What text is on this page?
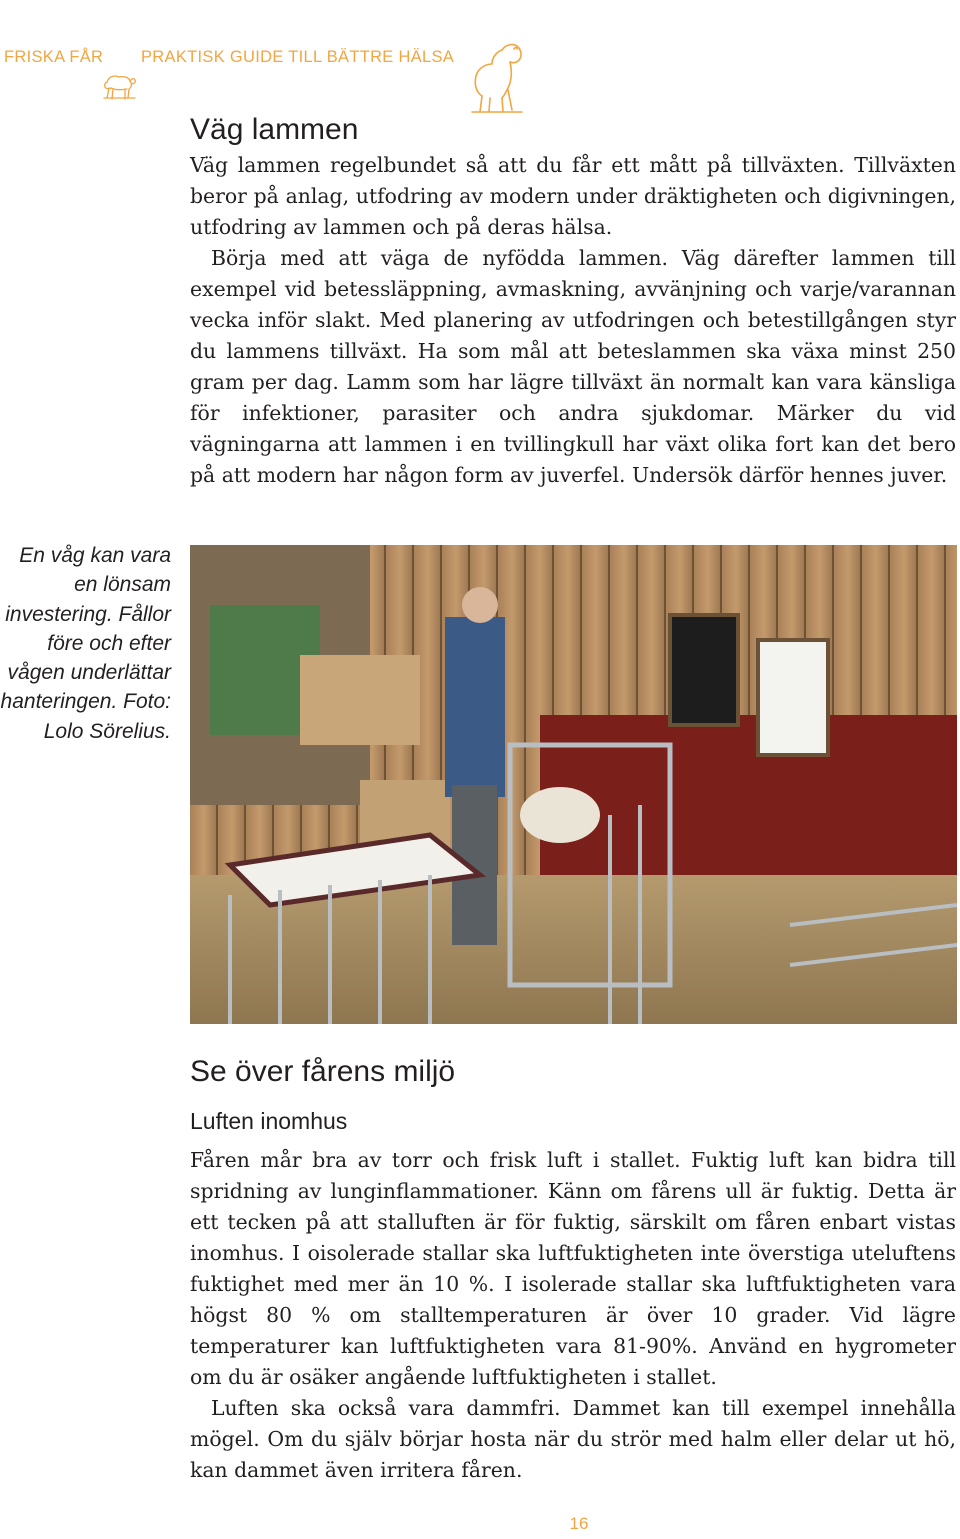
FRISKA FÅR PRAKTISK GUIDE TILL BÄTTRE HÄLSA
Väg lammen

Väg lammen regelbundet så att du får ett mått på tillväxten. Tillväxten beror på anlag, utfodring av modern under dräktigheten och digivningen, utfodring av lammen och på deras hälsa.

Börja med att väga de nyfödda lammen. Väg därefter lammen till exempel vid betessläppning, avmaskning, avvänjning och varje/varannan vecka inför slakt. Med planering av utfodringen och betestillgången styr du lammens tillväxt. Ha som mål att beteslammen ska växa minst 250 gram per dag. Lamm som har lägre tillväxt än normalt kan vara känsliga för infektioner, parasiter och andra sjukdomar. Märker du vid vägningarna att lammen i en tvillingkull har växt olika fort kan det bero på att modern har någon form av juverfel. Undersök därför hennes juver.

En våg kan vara en lönsam investering. Fållor före och efter vågen underlättar hanteringen. Foto: Lolo Sörelius.
Se över fårens miljö
Luften inomhus

Fåren mår bra av torr och frisk luft i stallet. Fuktig luft kan bidra till spridning av lunginflammationer. Känn om fårens ull är fuktig. Detta är ett tecken på att stalluften är för fuktig, särskilt om fåren enbart vistas inomhus. I oisolerade stallar ska luftfuktigheten inte överstiga uteluftens fuktighet med mer än 10 %. I isolerade stallar ska luftfuktigheten vara högst 80 % om stalltemperaturen är över 10 grader. Vid lägre temperaturer kan luftfuktigheten vara 81-90%. Använd en hygrometer om du är osäker angående luftfuktigheten i stallet.

Luften ska också vara dammfri. Dammet kan till exempel innehålla mögel. Om du själv börjar hosta när du strör med halm eller delar ut hö, kan dammet även irritera fåren.

16
